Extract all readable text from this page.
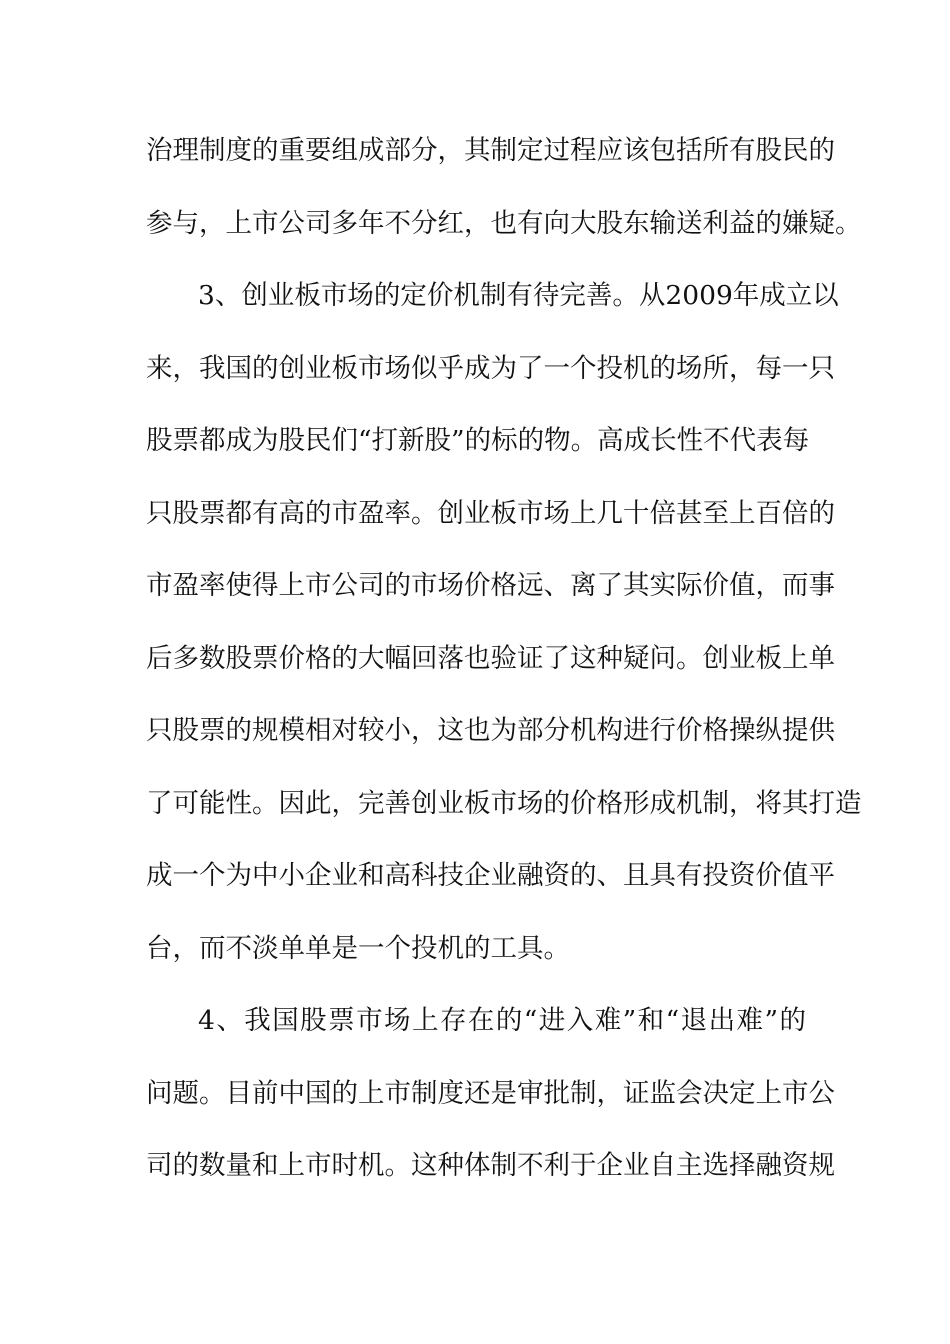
治理制度的重要组成部分，其制定过程应该包括所有股民的
参与，上市公司多年不分红，也有向大股东输送利益的嫌疑。
3、创业板市场的定价机制有待完善。从2009年成立以
来，我国的创业板市场似乎成为了一个投机的场所，每一只
股票都成为股民们“打新股”的标的物。高成长性不代表每
只股票都有高的市盈率。创业板市场上几十倍甚至上百倍的
市盈率使得上市公司的市场价格远、离了其实际价值，而事
后多数股票价格的大幅回落也验证了这种疑问。创业板上单
只股票的规模相对较小，这也为部分机构进行价格操纵提供
了可能性。因此，完善创业板市场的价格形成机制，将其打造
成一个为中小企业和高科技企业融资的、且具有投资价值平
台，而不淡单单是一个投机的工具。
4、我国股票市场上存在的“进入难”和“退出难”的
问题。目前中国的上市制度还是审批制，证监会决定上市公
司的数量和上市时机。这种体制不利于企业自主选择融资规
